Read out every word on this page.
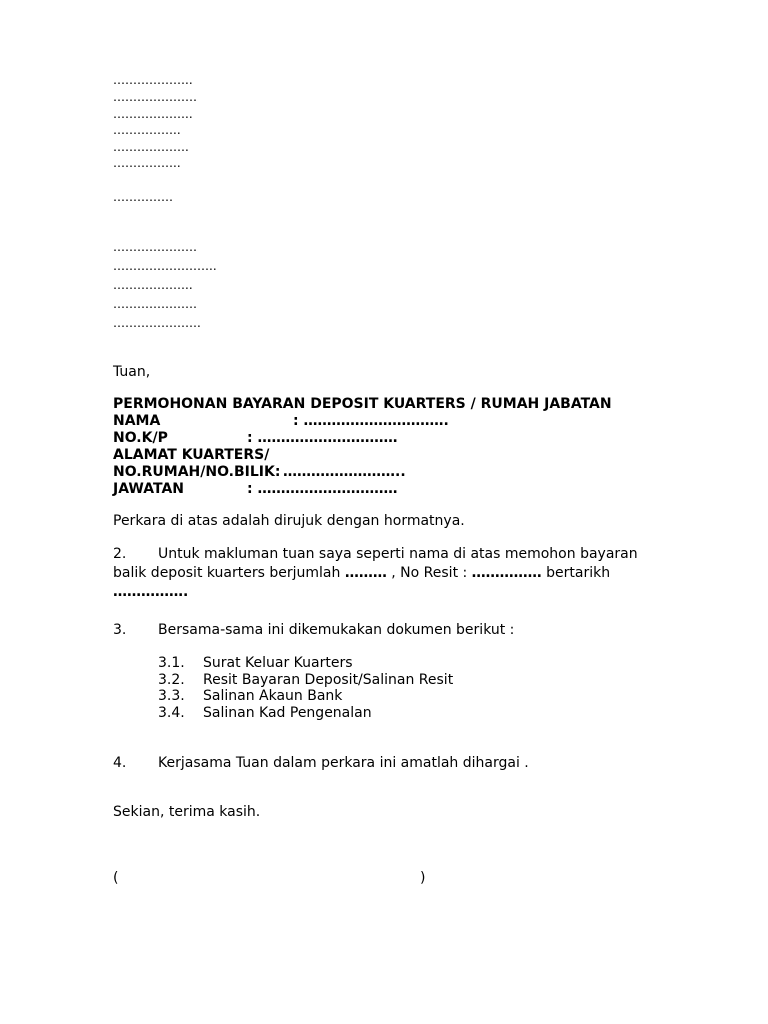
………………..
…………………
………………..
……………..
……………….
……………..
……………
…………………
……………………..
………………..
…………………
………………….
Tuan,
PERMOHONAN BAYARAN DEPOSIT KUARTERS / RUMAH JABATAN
NAMA	: ………………………….
NO.K/P	: …………………………
ALAMAT KUARTERS/
NO.RUMAH/NO.BILIK: ……………………..
JAWATAN	: …………………………
Perkara di atas adalah dirujuk dengan hormatnya.
2. Untuk makluman tuan saya seperti nama di atas memohon bayaran
balik deposit kuarters berjumlah ……… , No Resit : …………… bertarikh
…………….
3. Bersama-sama ini dikemukakan dokumen berikut :
3.1. Surat Keluar Kuarters
3.2. Resit Bayaran Deposit/Salinan Resit
3.3. Salinan Akaun Bank
3.4. Salinan Kad Pengenalan
4. Kerjasama Tuan dalam perkara ini amatlah dihargai .
Sekian, terima kasih.
(	)
